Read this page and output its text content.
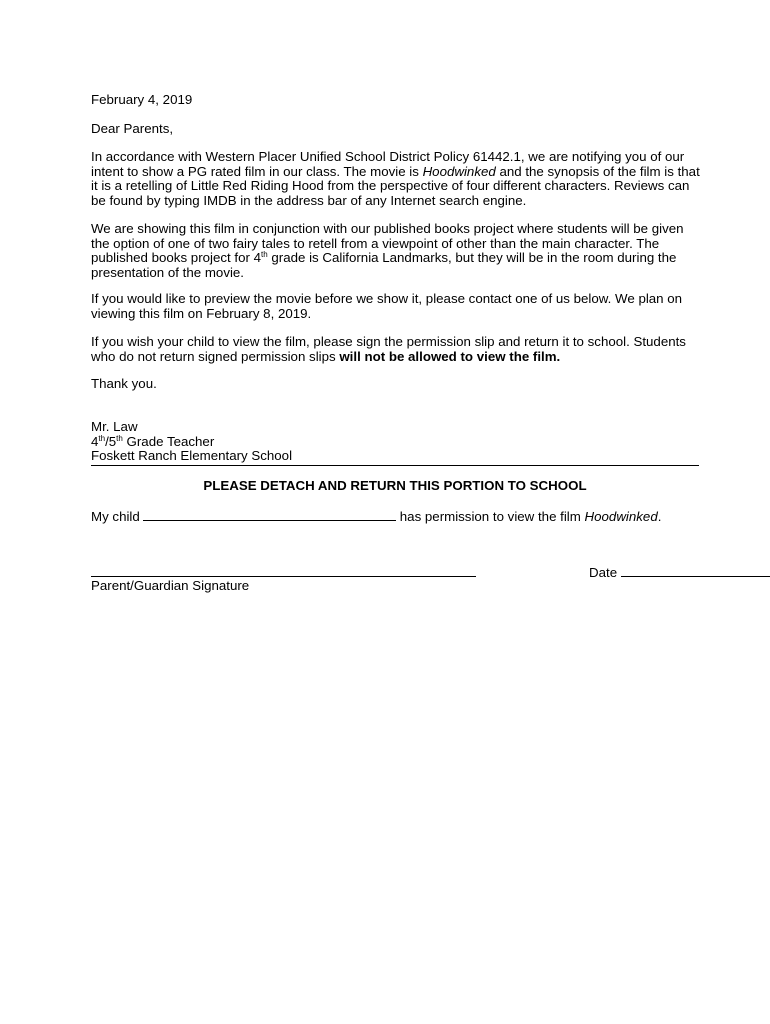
February 4, 2019

Dear Parents,

In accordance with Western Placer Unified School District Policy 61442.1, we are notifying you of our intent to show a PG rated film in our class. The movie is Hoodwinked and the synopsis of the film is that it is a retelling of Little Red Riding Hood from the perspective of four different characters. Reviews can be found by typing IMDB in the address bar of any Internet search engine.

We are showing this film in conjunction with our published books project where students will be given the option of one of two fairy tales to retell from a viewpoint of other than the main character. The published books project for 4th grade is California Landmarks, but they will be in the room during the presentation of the movie.

If you would like to preview the movie before we show it, please contact one of us below. We plan on viewing this film on February 8, 2019.

If you wish your child to view the film, please sign the permission slip and return it to school. Students who do not return signed permission slips will not be allowed to view the film.

Thank you.

Mr. Law
4th/5th Grade Teacher
Foskett Ranch Elementary School
PLEASE DETACH AND RETURN THIS PORTION TO SCHOOL
My child	has permission to view the film Hoodwinked.
Date
Parent/Guardian Signature
